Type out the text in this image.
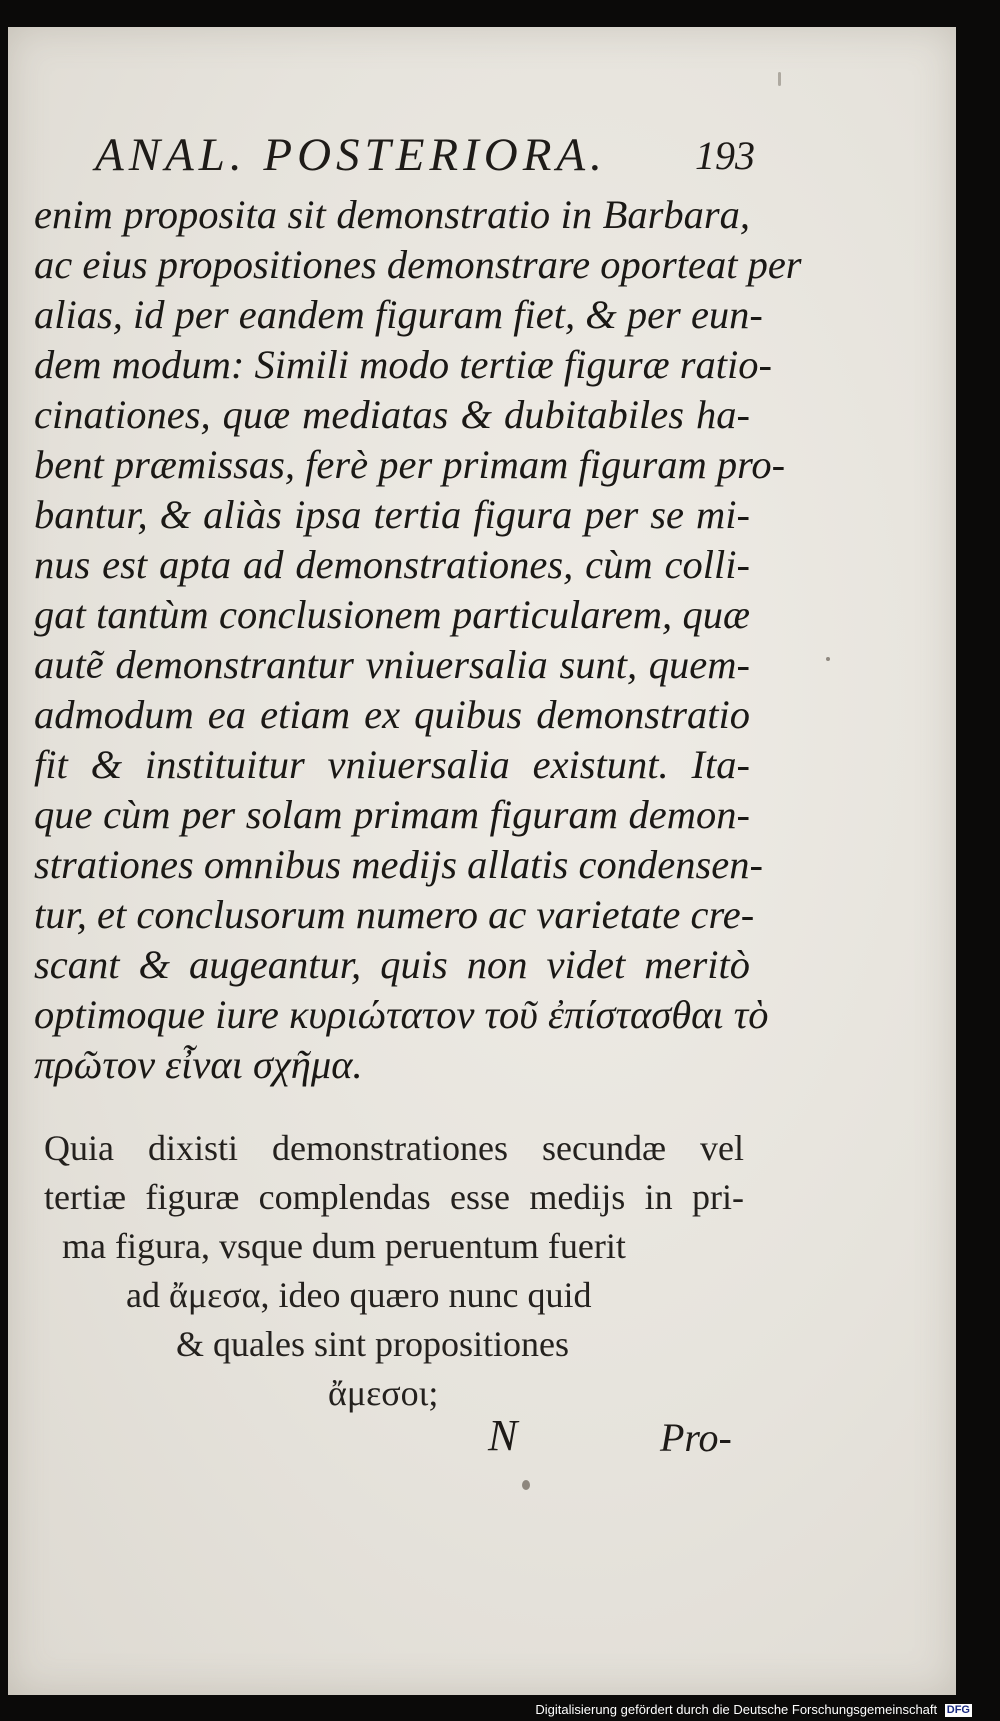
ANAL. POSTERIORA. 193
enim proposita sit demonstratio in Barbara,
ac eius propositiones demonstrare oporteat per
alias, id per eandem figuram fiet, & per eun-
dem modum: Simili modo tertiæ figuræ ratio-
cinationes, quæ mediatas & dubitabiles ha-
bent præmissas, ferè per primam figuram pro-
bantur, & aliàs ipsa tertia figura per se mi-
nus est apta ad demonstrationes, cùm colli-
gat tantùm conclusionem particularem, quæ
autẽ demonstrantur vniuersalia sunt, quem-
admodum ea etiam ex quibus demonstratio
fit & instituitur vniuersalia existunt. Ita-
que cùm per solam primam figuram demon-
strationes omnibus medijs allatis condensen-
tur, et conclusorum numero ac varietate cre-
scant & augeantur, quis non videt meritò
optimoque iure κυριώτατον τοῦ ἐπίστασθαι τὸ
πρῶτον εἶναι σχῆμα.
Quia dixisti demonstrationes secundæ vel
tertiæ figuræ complendas esse medijs in pri-
ma figura, vsque dum peruentum fuerit
ad ἄμεσα, ideo quæro nunc quid
& quales sint propositiones
ἄμεσοι;
N	Pro-
Digitalisierung gefördert durch die Deutsche Forschungsgemeinschaft DFG
